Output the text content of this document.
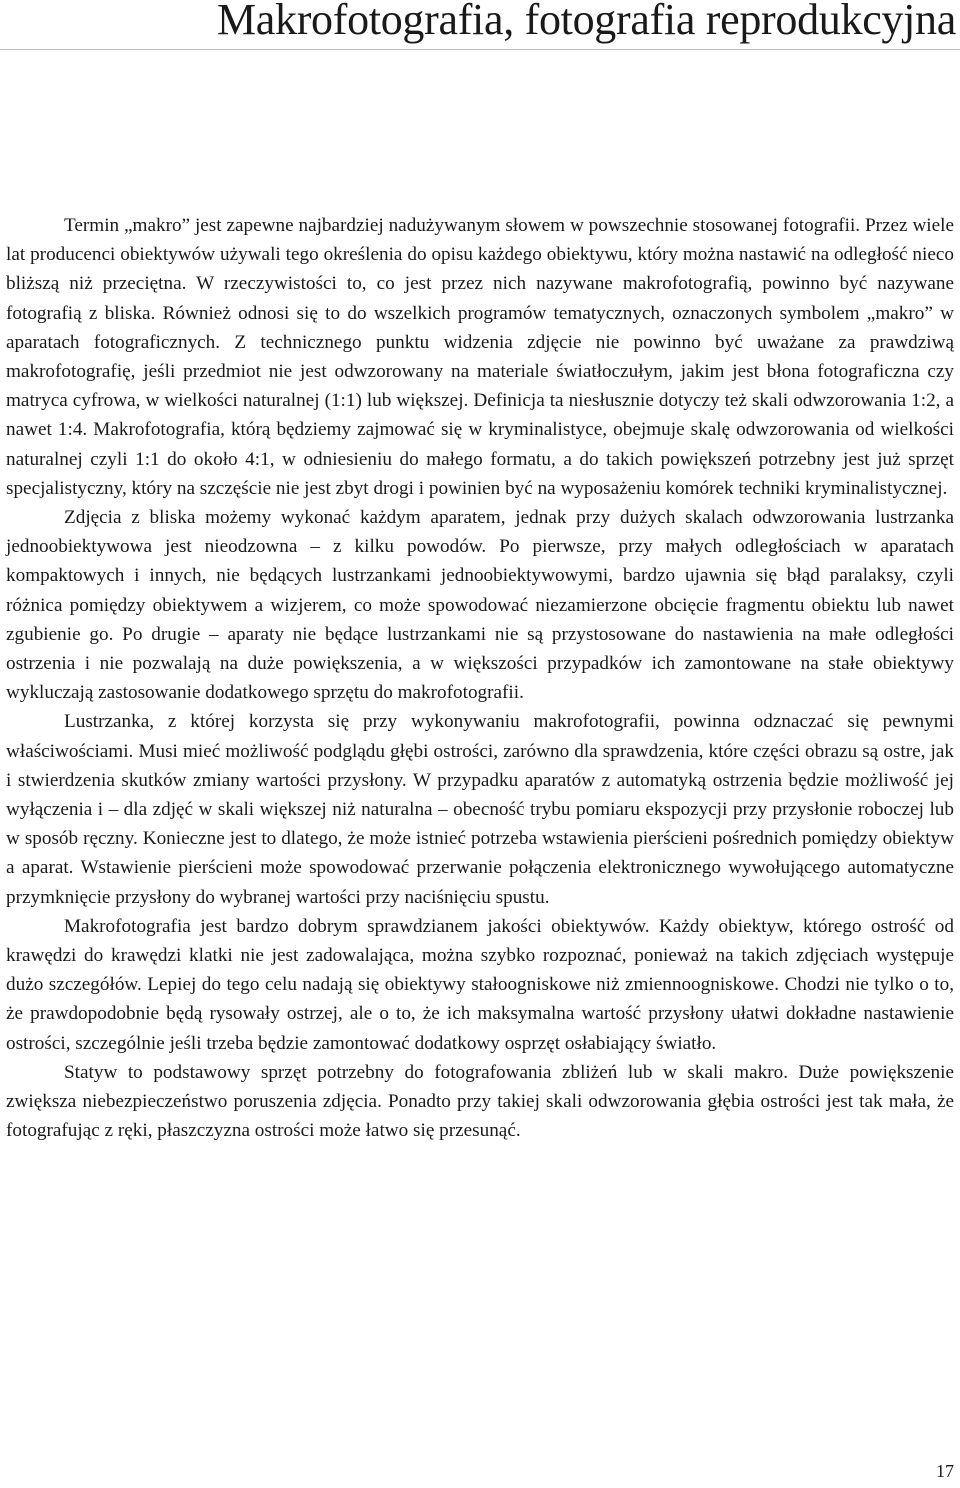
Makrofotografia, fotografia reprodukcyjna

Termin „makro” jest zapewne najbardziej nadużywanym słowem w powszechnie stosowanej fotografii. Przez wiele lat producenci obiektywów używali tego określenia do opisu każdego obiektywu, który można nastawić na odległość nieco bliższą niż przeciętna. W rzeczywistości to, co jest przez nich nazywane makrofotografią, powinno być nazywane fotografią z bliska. Również odnosi się to do wszelkich programów tematycznych, oznaczonych symbolem „makro” w aparatach fotograficznych. Z technicznego punktu widzenia zdjęcie nie powinno być uważane za prawdziwą makrofotografię, jeśli przedmiot nie jest odwzorowany na materiale światłoczułym, jakim jest błona fotograficzna czy matryca cyfrowa, w wielkości naturalnej (1:1) lub większej. Definicja ta niesłusznie dotyczy też skali odwzorowania 1:2, a nawet 1:4. Makrofotografia, którą będziemy zajmować się w kryminalistyce, obejmuje skalę odwzorowania od wielkości naturalnej czyli 1:1 do około 4:1, w odniesieniu do małego formatu, a do takich powiększeń potrzebny jest już sprzęt specjalistyczny, który na szczęście nie jest zbyt drogi i powinien być na wyposażeniu komórek techniki kryminalistycznej.

Zdjęcia z bliska możemy wykonać każdym aparatem, jednak przy dużych skalach odwzorowania lustrzanka jednoobiektywowa jest nieodzowna – z kilku powodów. Po pierwsze, przy małych odległościach w aparatach kompaktowych i innych, nie będących lustrzankami jednoobiektywowymi, bardzo ujawnia się błąd paralaksy, czyli różnica pomiędzy obiektywem a wizjerem, co może spowodować niezamierzone obcięcie fragmentu obiektu lub nawet zgubienie go. Po drugie – aparaty nie będące lustrzankami nie są przystosowane do nastawienia na małe odległości ostrzenia i nie pozwalają na duże powiększenia, a w większości przypadków ich zamontowane na stałe obiektywy wykluczają zastosowanie dodatkowego sprzętu do makrofotografii.

Lustrzanka, z której korzysta się przy wykonywaniu makrofotografii, powinna odznaczać się pewnymi właściwościami. Musi mieć możliwość podglądu głębi ostrości, zarówno dla sprawdzenia, które części obrazu są ostre, jak i stwierdzenia skutków zmiany wartości przysłony. W przypadku aparatów z automatyką ostrzenia będzie możliwość jej wyłączenia i – dla zdjęć w skali większej niż naturalna – obecność trybu pomiaru ekspozycji przy przysłonie roboczej lub w sposób ręczny. Konieczne jest to dlatego, że może istnieć potrzeba wstawienia pierścieni pośrednich pomiędzy obiektyw a aparat. Wstawienie pierścieni może spowodować przerwanie połączenia elektronicznego wywołującego automatyczne przymknięcie przysłony do wybranej wartości przy naciśnięciu spustu.

Makrofotografia jest bardzo dobrym sprawdzianem jakości obiektywów. Każdy obiektyw, którego ostrość od krawędzi do krawędzi klatki nie jest zadowalająca, można szybko rozpoznać, ponieważ na takich zdjęciach występuje dużo szczegółów. Lepiej do tego celu nadają się obiektywy stałoogniskowe niż zmiennoogniskowe. Chodzi nie tylko o to, że prawdopodobnie będą rysowały ostrzej, ale o to, że ich maksymalna wartość przysłony ułatwi dokładne nastawienie ostrości, szczególnie jeśli trzeba będzie zamontować dodatkowy osprzęt osłabiający światło.

Statyw to podstawowy sprzęt potrzebny do fotografowania zbliżeń lub w skali makro. Duże powiększenie zwiększa niebezpieczeństwo poruszenia zdjęcia. Ponadto przy takiej skali odwzorowania głębia ostrości jest tak mała, że fotografując z ręki, płaszczyzna ostrości może łatwo się przesunąć.

17
